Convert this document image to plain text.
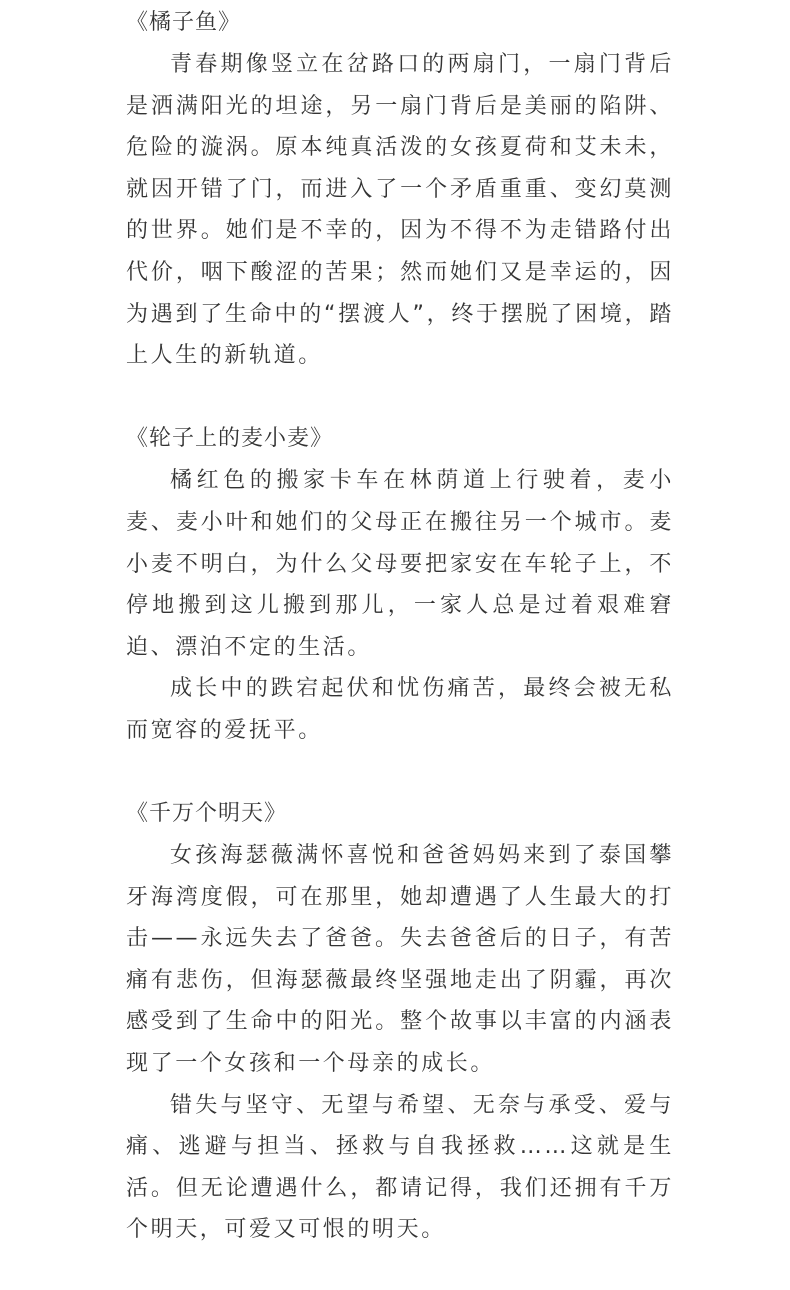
《橘子鱼》

青春期像竖立在岔路口的两扇门，一扇门背后是洒满阳光的坦途，另一扇门背后是美丽的陷阱、危险的漩涡。原本纯真活泼的女孩夏荷和艾未未，就因开错了门，而进入了一个矛盾重重、变幻莫测的世界。她们是不幸的，因为不得不为走错路付出代价，咽下酸涩的苦果；然而她们又是幸运的，因为遇到了生命中的“摆渡人”，终于摆脱了困境，踏上人生的新轨道。

《轮子上的麦小麦》

橘红色的搬家卡车在林荫道上行驶着，麦小麦、麦小叶和她们的父母正在搬往另一个城市。麦小麦不明白，为什么父母要把家安在车轮子上，不停地搬到这儿搬到那儿，一家人总是过着艰难窘迫、漂泊不定的生活。

成长中的跌宕起伏和忧伤痛苦，最终会被无私而宽容的爱抚平。

《千万个明天》

女孩海瑟薇满怀喜悦和爸爸妈妈来到了泰国攀牙海湾度假，可在那里，她却遭遇了人生最大的打击——永远失去了爸爸。失去爸爸后的日子，有苦痛有悲伤，但海瑟薇最终坚强地走出了阴霾，再次感受到了生命中的阳光。整个故事以丰富的内涵表现了一个女孩和一个母亲的成长。

错失与坚守、无望与希望、无奈与承受、爱与痛、逃避与担当、拯救与自我拯救……这就是生活。但无论遭遇什么，都请记得，我们还拥有千万个明天，可爱又可恨的明天。
